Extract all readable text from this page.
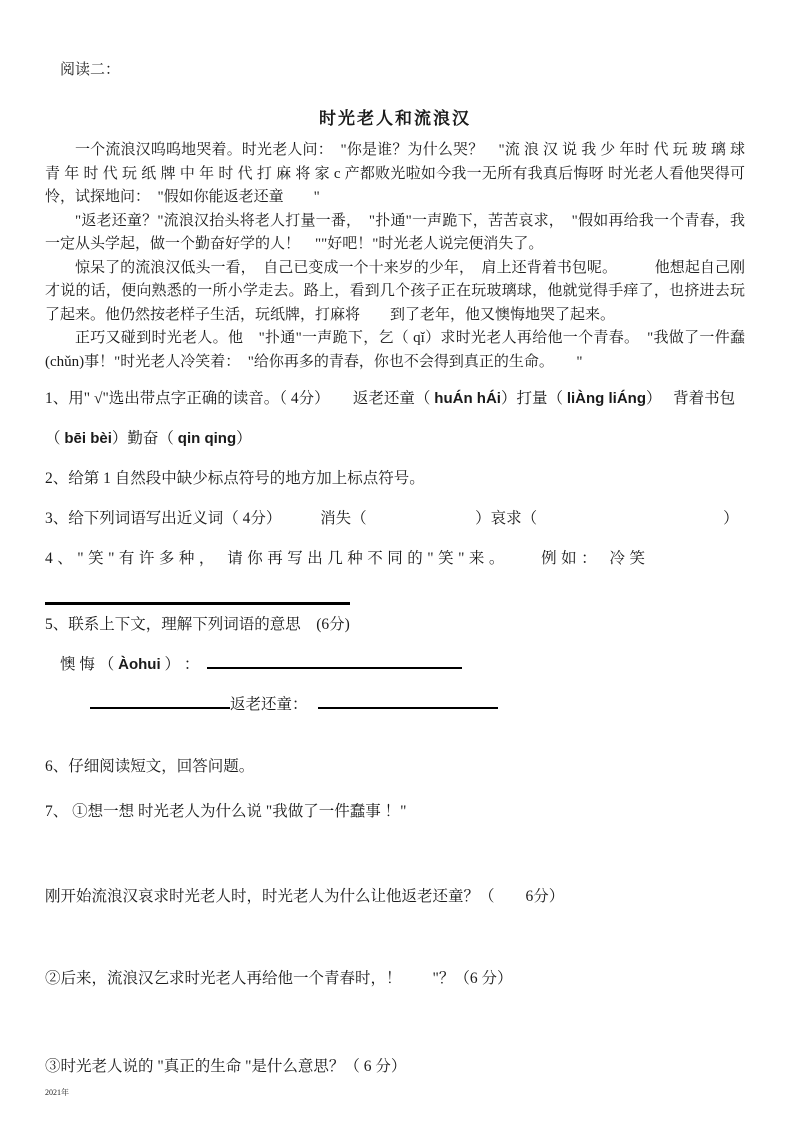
阅读二：
时光老人和流浪汉

一个流浪汉呜呜地哭着。时光老人问：　"你是谁？为什么哭？　"流 浪 汉 说 我 少 年时 代 玩 玻 璃 球 青 年 时 代 玩 纸 牌 中 年 时 代 打 麻 将 家 c 产都败光啦如今我一无所有我真后悔呀 时光老人看他哭得可怜，试探地问：　"假如你能返老还童　　"

"返老还童？"流浪汉抬头将老人打量一番，　"扑通"一声跪下，苦苦哀求，　"假如再给我一个青春，我一定从头学起，做一个勤奋好学的人！　""好吧！"时光老人说完便消失了。

惊呆了的流浪汉低头一看，　自己已变成一个十来岁的少年，　肩上还背着书包呢。　　　他想起自己刚才说的话，便向熟悉的一所小学走去。路上，看到几个孩子正在玩玻璃球，他就觉得手痒了，也挤进去玩了起来。他仍然按老样子生活，玩纸牌，打麻将　　到了老年，他又懊悔地哭了起来。

正巧又碰到时光老人。他　"扑通"一声跪下，乞（ qǐ）求时光老人再给他一个青春。　"我做了一件蠢(chǔn)事！"时光老人冷笑着：　"给你再多的青春，你也不会得到真正的生命。　　"

1、用" √"选出带点字正确的读音。（ 4分）　　返老还童（ huÁn hÁi）打量（ liÀng liÁng）　 背着书包（ bēi bèi）勤奋（ qin qing）

2、给第 1 自然段中缺少标点符号的地方加上标点符号。

3、给下列词语写出近义词（ 4分）　　　消失（　　　　　　　）哀求（　　　　　　　　　　　　）

4、"笑"有许多种， 请你再写出几种不同的"笑"来。　　例如： 冷笑

5、联系上下文，理解下列词语的意思　(6分)

懊 悔 （ Àohui ） ：　

返老还童：

6、仔细阅读短文，回答问题。

7、 ①想一想 时光老人为什么说 "我做了一件蠢事 ！"

刚开始流浪汉哀求时光老人时，时光老人为什么让他返老还童？（　　6分）

②后来，流浪汉乞求时光老人再给他一个青春时，！　　"？（6 分）

③时光老人说的 "真正的生命 "是什么意思？（ 6 分）

2021年
